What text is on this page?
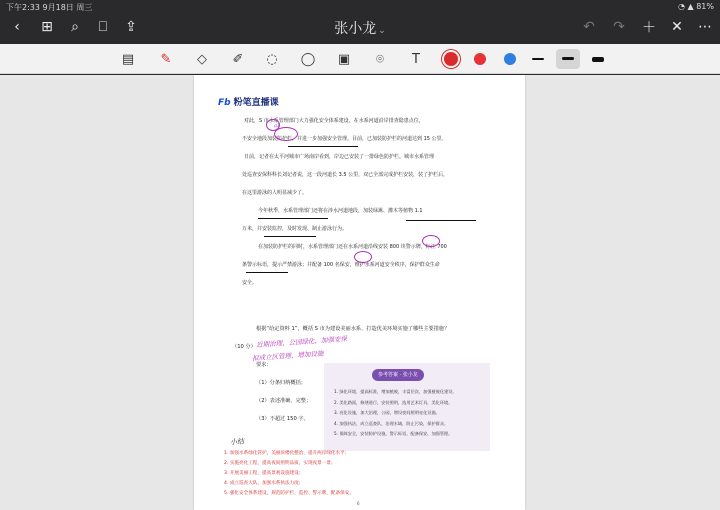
下午2:33 9月18日 周三	◔ ▲ 81%
‹	⊞	⌕	⎕	⇪	张小龙 ⌄	↶ ↷ ＋ ✕ ⋯
▤	✎	◇	✐	◌	◯ ▣	⌾	T
Fb 粉笔直播课
对此，S 市水系管理部门大力强化安全体系建设，在水系河道沿岸排查隐患点位，
不安全地段加装防护栏，并进一步加强安全管理。目前，已加装防护栏的河道达到 15 公里。
日前，记者在太平河城市广场南岸看到，岸边已安装了一排绿色防护栏。城市水系管理
处巡查安保科科长刘记者说，这一段河道长 3.5 公里，双已全部完成护栏安装，装了护栏后，
在这里游泳的人明显减少了。
今年秋季，水系管理部门还将在涉水河道地段，加装绿篱、灌木等植物 1.1
万米，并安装监控，及时发现、制止游泳行为。
在加装防护栏的同时，水系管理部门还在水系河道沿线安装 800 块警示牌，标注 700
条警示标语，提示严禁游泳；并配备 100 名保安，维护水系河道安全秩序，保护群众生命
安全。
a1
根据“给定资料 1”，概括 S 市为建设美丽水系、打造优美环境实施了哪些主要措施？
（10 分）
要求：
（1）分条归纳概括；
（2）表述准确、完整；
（3）不超过 150 字。
近期治理，公园绿化，加强安保
拟成立区管理，增加设施
参考答案 · 张小龙
1. 绿化环境，提高标准，增加植被，丰富层次，加强植被化建设。
2. 美化路面，修缮道行，安装照明，选用艺术灯具，美化环境。
3. 亮化设施，加大治理，公园，增设夜间照明亮化设施。
4. 加强执法，成立巡查队，治理水域，防止污染，保护群众。
5. 保障安全，安装防护设施，警示标语，配备保安，加强管理。
小结
1. 加强水系绿化管护，美丽滨楼化整治，提升两岸绿化水平；
2. 实施亮化工程，提高夜间照明品质，实现夜景一景；
3. 开展美丽工程，提高景观设施建设；
4. 成立巡查大队，加强水系执法力度；
5. 强化安全体系建设，规范防护栏、监控、警示牌，配备保安。
6
